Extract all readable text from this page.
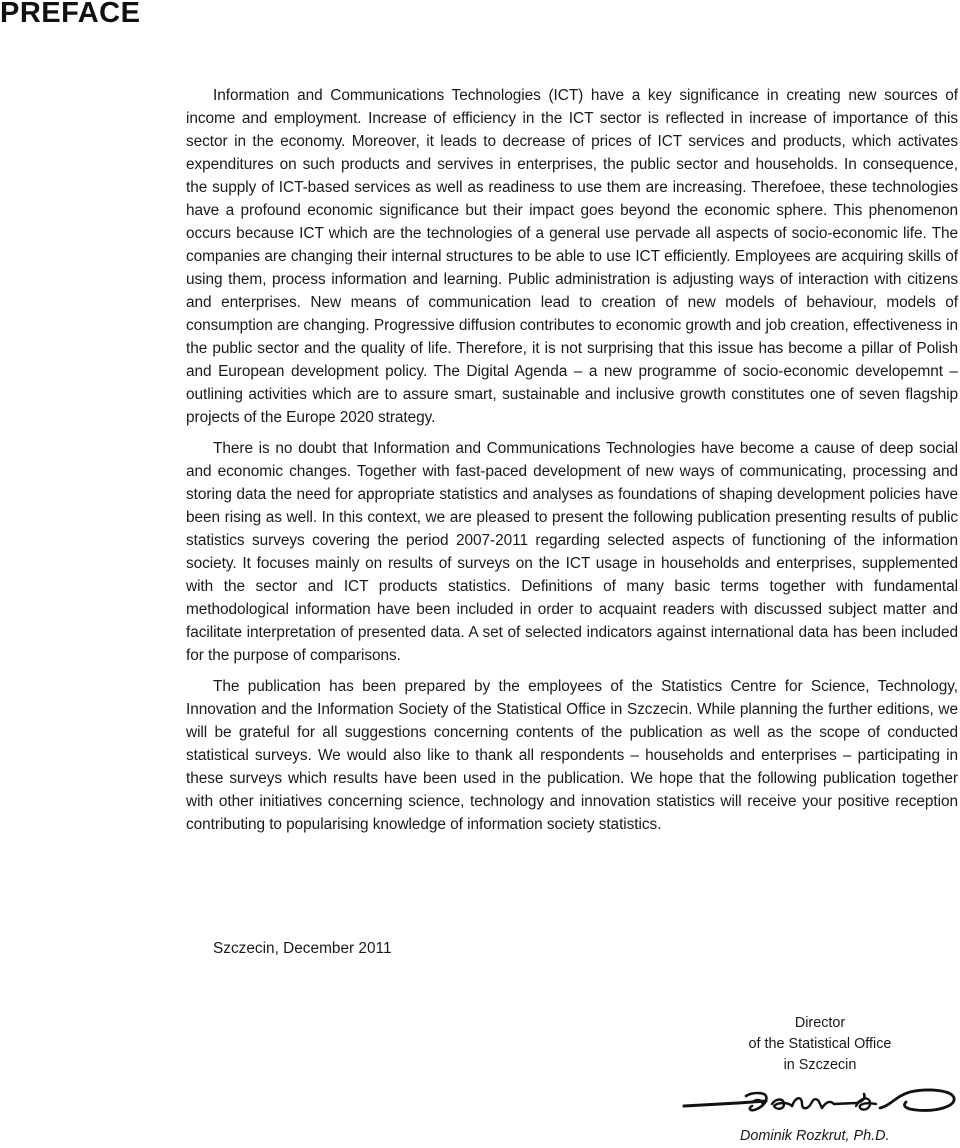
PREFACE

Information and Communications Technologies (ICT) have a key significance in creating new sources of income and employment. Increase of efficiency in the ICT sector is reflected in increase of importance of this sector in the economy. Moreover, it leads to decrease of prices of ICT services and products, which activates expenditures on such products and servives in enterprises, the public sector and households. In consequence, the supply of ICT-based services as well as readiness to use them are increasing. Therefoee, these technologies have a profound economic significance but their impact goes beyond the economic sphere. This phenomenon occurs because ICT which are the technologies of a general use pervade all aspects of socio-economic life. The companies are changing their internal structures to be able to use ICT efficiently. Employees are acquiring skills of using them, process information and learning. Public administration is adjusting ways of interaction with citizens and enterprises. New means of communication lead to creation of new models of behaviour, models of consumption are changing. Progressive diffusion contributes to economic growth and job creation, effectiveness in the public sector and the quality of life. Therefore, it is not surprising that this issue has become a pillar of Polish and European development policy. The Digital Agenda – a new programme of socio-economic developemnt – outlining activities which are to assure smart, sustainable and inclusive growth constitutes one of seven flagship projects of the Europe 2020 strategy.

There is no doubt that Information and Communications Technologies have become a cause of deep social and economic changes. Together with fast-paced development of new ways of communicating, processing and storing data the need for appropriate statistics and analyses as foundations of shaping development policies have been rising as well. In this context, we are pleased to present the following publication presenting results of public statistics surveys covering the period 2007-2011 regarding selected aspects of functioning of the information society. It focuses mainly on results of surveys on the ICT usage in households and enterprises, supplemented with the sector and ICT products statistics. Definitions of many basic terms together with fundamental methodological information have been included in order to acquaint readers with discussed subject matter and facilitate interpretation of presented data. A set of selected indicators against international data has been included for the purpose of comparisons.

The publication has been prepared by the employees of the Statistics Centre for Science, Technology, Innovation and the Information Society of the Statistical Office in Szczecin. While planning the further editions, we will be grateful for all suggestions concerning contents of the publication as well as the scope of conducted statistical surveys. We would also like to thank all respondents – households and enterprises – participating in these surveys which results have been used in the publication. We hope that the following publication together with other initiatives concerning science, technology and innovation statistics will receive your positive reception contributing to popularising knowledge of information society statistics.

Szczecin, December 2011
Director
of the Statistical Office
in Szczecin
Dominik Rozkrut, Ph.D.
